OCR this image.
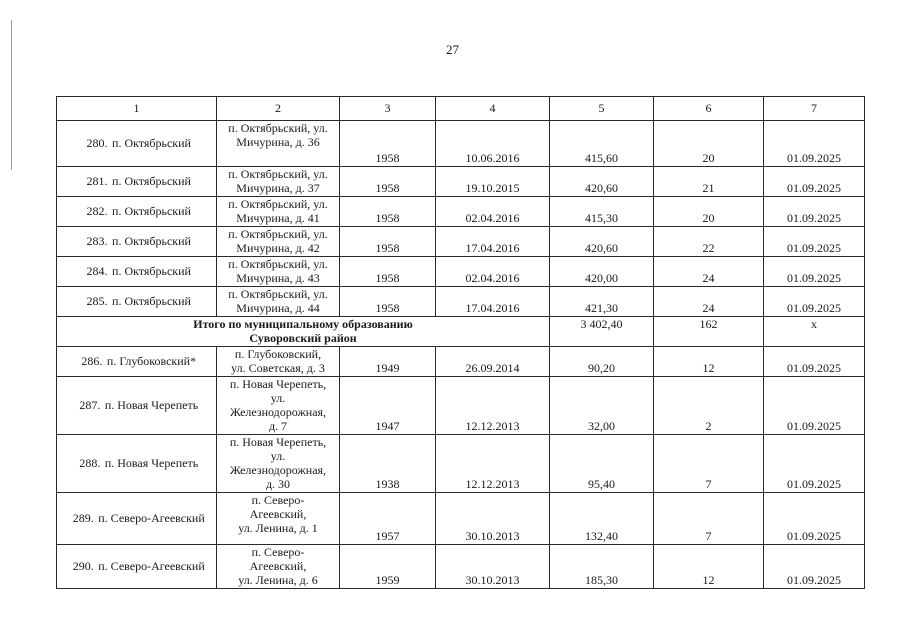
27
1	2	3	4	5	6	7
280. п. Октябрьский	п. Октябрьский, ул.
Мичурина, д. 36	1958	10.06.2016	415,60	20	01.09.2025
281. п. Октябрьский	п. Октябрьский, ул.
Мичурина, д. 37	1958	19.10.2015	420,60	21	01.09.2025
282. п. Октябрьский	п. Октябрьский, ул.
Мичурина, д. 41	1958	02.04.2016	415,30	20	01.09.2025
283. п. Октябрьский	п. Октябрьский, ул.
Мичурина, д. 42	1958	17.04.2016	420,60	22	01.09.2025
284. п. Октябрьский	п. Октябрьский, ул.
Мичурина, д. 43	1958	02.04.2016	420,00	24	01.09.2025
285. п. Октябрьский	п. Октябрьский, ул.
Мичурина, д. 44	1958	17.04.2016	421,30	24	01.09.2025
Итого по муниципальному образованию
Суворовский район				3 402,40	162	х
286. п. Глубоковский*	п. Глубоковский,
ул. Советская, д. 3	1949	26.09.2014	90,20	12	01.09.2025
287. п. Новая Черепеть	п. Новая Черепеть,
ул.
Железнодорожная,
д. 7	1947	12.12.2013	32,00	2	01.09.2025
288. п. Новая Черепеть	п. Новая Черепеть,
ул.
Железнодорожная,
д. 30	1938	12.12.2013	95,40	7	01.09.2025
289. п. Северо-Агеевский	п. Северо-
Агеевский,
ул. Ленина, д. 1	1957	30.10.2013	132,40	7	01.09.2025
290. п. Северо-Агеевский	п. Северо-
Агеевский,
ул. Ленина, д. 6	1959	30.10.2013	185,30	12	01.09.2025
